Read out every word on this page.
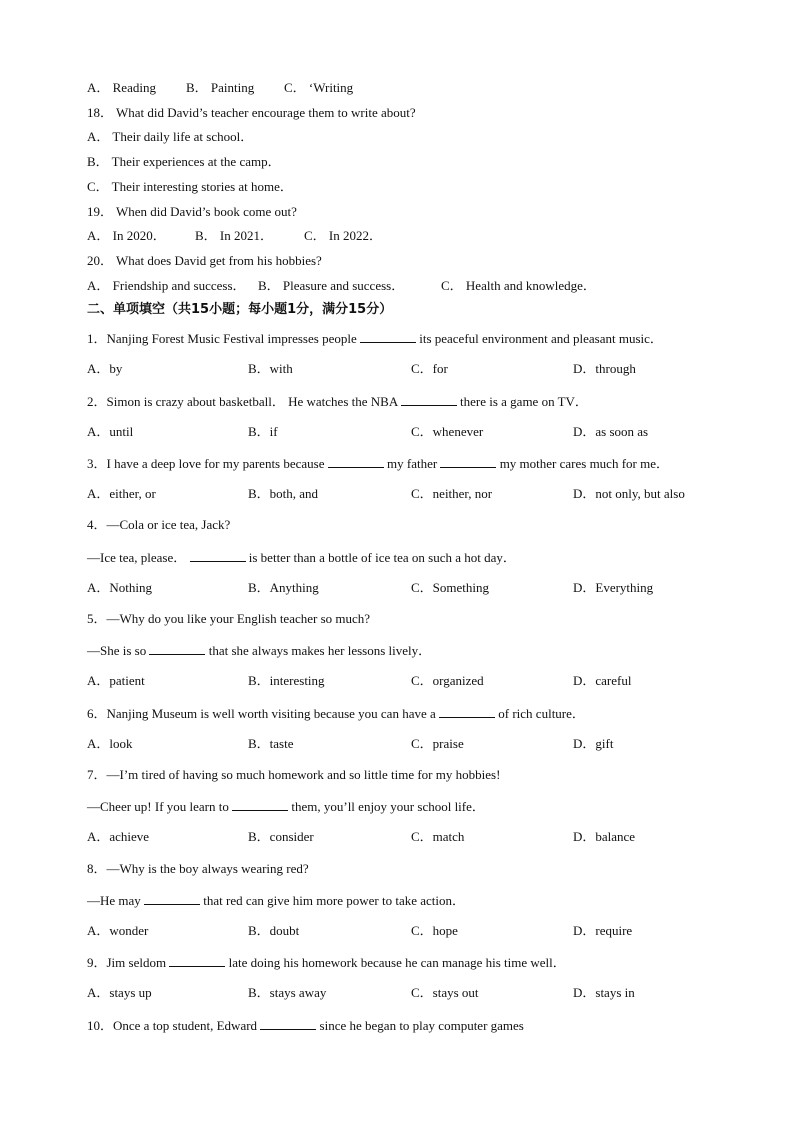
A． Reading B． Painting C． ‘Writing
18． What did David’s teacher encourage them to write about?
A． Their daily life at school．
B． Their experiences at the camp．
C． Their interesting stories at home．
19． When did David’s book come out?
A． In 2020． B． In 2021． C． In 2022．
20． What does David get from his hobbies?
A． Friendship and success． B． Pleasure and success．	C． Health and knowledge．
二、单项填空（共15小题；每小题1分，满分15分）
1．Nanjing Forest Music Festival impresses people	its peaceful environment and pleasant music．
A．by	B．with	C．for	D．through
2．Simon is crazy about basketball． He watches the NBA	there is a game on TV．
A．until	B．if	C．whenever	D．as soon as
3．I have a deep love for my parents because	my father	my mother cares much for me．
A．either, or	B．both, and	C．neither, nor	D．not only, but also
4．—Cola or ice tea, Jack?
—Ice tea, please．	is better than a bottle of ice tea on such a hot day．
A．Nothing	B．Anything	C．Something	D．Everything
5．—Why do you like your English teacher so much?
—She is so	that she always makes her lessons lively．
A．patient	B．interesting	C．organized	D．careful
6．Nanjing Museum is well worth visiting because you can have a	of rich culture．
A．look	B．taste	C．praise	D．gift
7．—I’m tired of having so much homework and so little time for my hobbies!
—Cheer up! If you learn to	them, you’ll enjoy your school life．
A．achieve	B．consider	C．match	D．balance
8．—Why is the boy always wearing red?
—He may	that red can give him more power to take action．
A．wonder	B．doubt	C．hope	D．require
9．Jim seldom	late doing his homework because he can manage his time well．
A．stays up	B．stays away	C．stays out	D．stays in
10．Once a top student, Edward	since he began to play computer games
